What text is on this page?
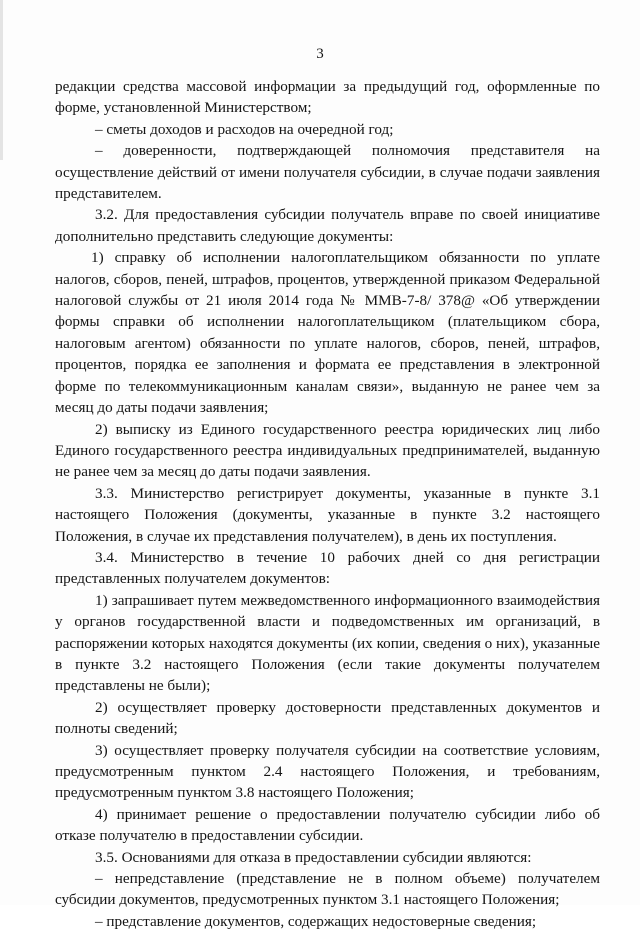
3

редакции средства массовой информации за предыдущий год, оформленные по форме, установленной Министерством;

– сметы доходов и расходов на очередной год;

– доверенности, подтверждающей полномочия представителя на осуществление действий от имени получателя субсидии, в случае подачи заявления представителем.

3.2. Для предоставления субсидии получатель вправе по своей инициативе дополнительно представить следующие документы:

1) справку об исполнении налогоплательщиком обязанности по уплате налогов, сборов, пеней, штрафов, процентов, утвержденной приказом Федеральной налоговой службы от 21 июля 2014 года № ММВ-7-8/ 378@ «Об утверждении формы справки об исполнении налогоплательщиком (плательщиком сбора, налоговым агентом) обязанности по уплате налогов, сборов, пеней, штрафов, процентов, порядка ее заполнения и формата ее представления в электронной форме по телекоммуникационным каналам связи», выданную не ранее чем за месяц до даты подачи заявления;

2) выписку из Единого государственного реестра юридических лиц либо Единого государственного реестра индивидуальных предпринимателей, выданную не ранее чем за месяц до даты подачи заявления.

3.3. Министерство регистрирует документы, указанные в пункте 3.1 настоящего Положения (документы, указанные в пункте 3.2 настоящего Положения, в случае их представления получателем), в день их поступления.

3.4. Министерство в течение 10 рабочих дней со дня регистрации представленных получателем документов:

1) запрашивает путем межведомственного информационного взаимодействия у органов государственной власти и подведомственных им организаций, в распоряжении которых находятся документы (их копии, сведения о них), указанные в пункте 3.2 настоящего Положения (если такие документы получателем представлены не были);

2) осуществляет проверку достоверности представленных документов и полноты сведений;

3) осуществляет проверку получателя субсидии на соответствие условиям, предусмотренным пунктом 2.4 настоящего Положения, и требованиям, предусмотренным пунктом 3.8 настоящего Положения;

4) принимает решение о предоставлении получателю субсидии либо об отказе получателю в предоставлении субсидии.

3.5. Основаниями для отказа в предоставлении субсидии являются:

– непредставление (представление не в полном объеме) получателем субсидии документов, предусмотренных пунктом 3.1 настоящего Положения;

– представление документов, содержащих недостоверные сведения;
